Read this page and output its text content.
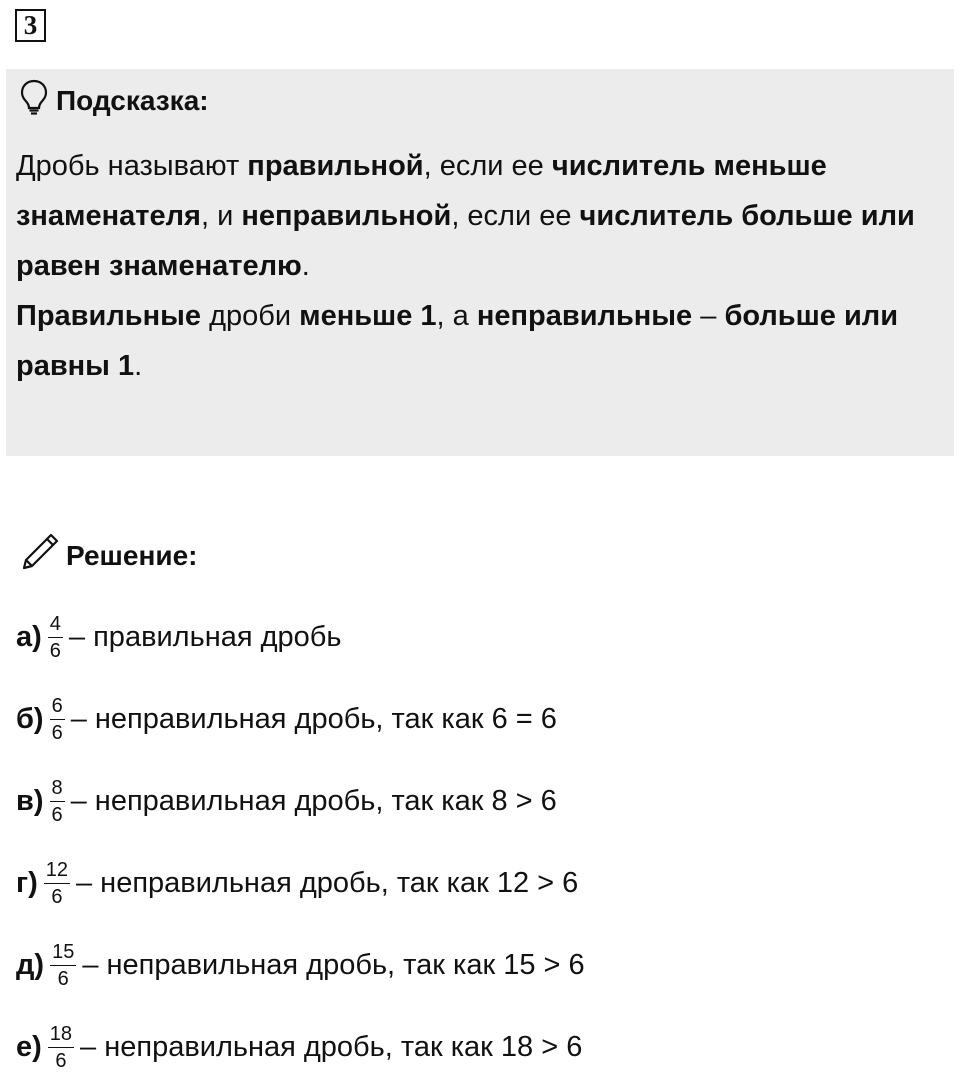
3
Подсказка:

Дробь называют правильной, если ее числитель меньше знаменателя, и неправильной, если ее числитель больше или равен знаменателю.

Правильные дроби меньше 1, а неправильные – больше или равны 1.

Решение:
$а) \frac{4}{6}$ – правильная дробь
$б) \frac{6}{6}$ – неправильная дробь, так как 6 = 6
$в) \frac{8}{6}$ – неправильная дробь, так как 8 > 6
$г) \frac{12}{6}$ – неправильная дробь, так как 12 > 6
$д) \frac{15}{6}$ – неправильная дробь, так как 15 > 6
$е) \frac{18}{6}$ – неправильная дробь, так как 18 > 6
